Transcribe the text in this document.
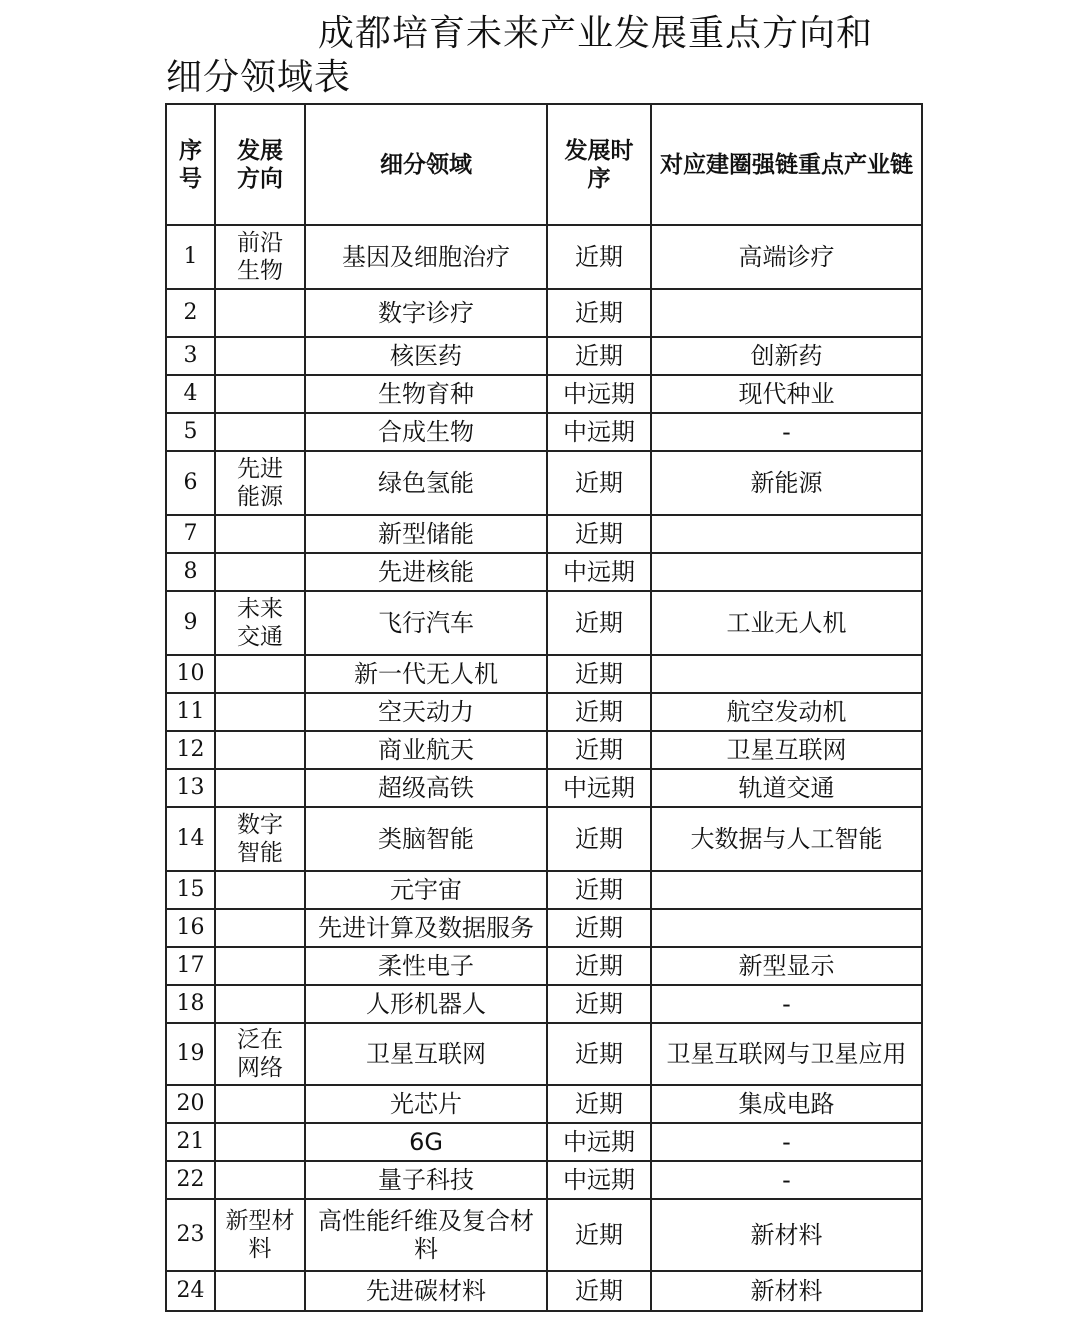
成都培育未来产业发展重点方向和
细分领域表
序号	发展方向	细分领域	发展时序	对应建圈强链重点产业链
1	前沿生物	基因及细胞治疗	近期	高端诊疗
2		数字诊疗	近期	
3		核医药	近期	创新药
4		生物育种	中远期	现代种业
5		合成生物	中远期	-
6	先进能源	绿色氢能	近期	新能源
7		新型储能	近期	
8		先进核能	中远期	
9	未来交通	飞行汽车	近期	工业无人机
10		新一代无人机	近期	
11		空天动力	近期	航空发动机
12		商业航天	近期	卫星互联网
13		超级高铁	中远期	轨道交通
14	数字智能	类脑智能	近期	大数据与人工智能
15		元宇宙	近期	
16		先进计算及数据服务	近期	
17		柔性电子	近期	新型显示
18		人形机器人	近期	-
19	泛在网络	卫星互联网	近期	卫星互联网与卫星应用
20		光芯片	近期	集成电路
21		6G	中远期	-
22		量子科技	中远期	-
23	新型材料	高性能纤维及复合材料	近期	新材料
24		先进碳材料	近期	新材料
